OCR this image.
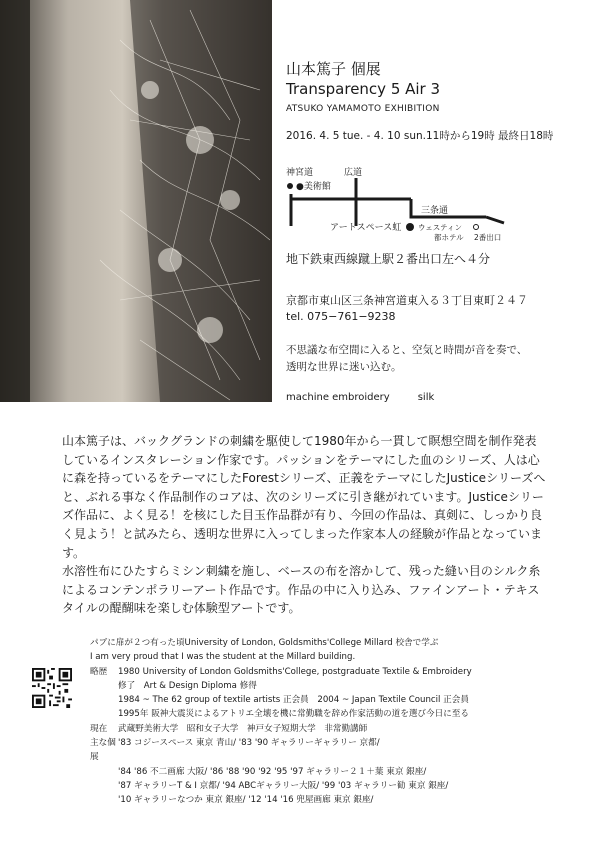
山本篤子 個展
Transparency 5 Air 3
ATSUKO YAMAMOTO EXHIBITION
2016. 4. 5 tue. - 4. 10 sun.11時から19時 最終日18時
神宮道	広道
●美術館
三条通
アートスペース虹 ウェスティン
都ホテル 2番出口
地下鉄東西線蹴上駅２番出口左へ４分
京都市東山区三条神宮道東入る３丁目東町２４７
tel. 075−761−9238
不思議な布空間に入ると、空気と時間が音を奏で、
透明な世界に迷い込む。
machine embroidery	silk

山本篤子は、バックグランドの刺繍を駆使して1980年から一貫して瞑想空間を制作発表しているインスタレーション作家です。パッションをテーマにした血のシリーズ、人は心に森を持っているをテーマにしたForestシリーズ、正義をテーマにしたJusticeシリーズへと、ぶれる事なく作品制作のコアは、次のシリーズに引き継がれています。Justiceシリーズ作品に、よく見る！を核にした目玉作品群が有り、今回の作品は、真剣に、しっかり良く見よう！と試みたら、透明な世界に入ってしまった作家本人の経験が作品となっています。

水溶性布にひたすらミシン刺繍を施し、ベースの布を溶かして、残った縫い目のシルク糸によるコンテンポラリーアート作品です。作品の中に入り込み、ファインアート・テキスタイルの醍醐味を楽しむ体験型アートです。

パブに扉が２つ有った頃University of London, Goldsmiths'College Millard 校舎で学ぶ
I am very proud that I was the student at the Millard building.
略歴	1980 University of London Goldsmiths'College, postgraduate Textile & Embroidery
修了　Art & Design Diploma 修得
1984 ~ The 62 group of textile artists 正会員　2004 ~ Japan Textile Council 正会員
1995年 阪神大震災によるアトリエ全壊を機に常勤職を辞め作家活動の道を選び今日に至る
現在	武蔵野美術大学　昭和女子大学　神戸女子短期大学　非常勤講師
主な個展
'83 コジースペース 東京 青山/ '83 '90 ギャラリーギャラリー 京都/
'84 '86 不二画廊 大阪/ '86 '88 '90 '92 '95 '97 ギャラリー２１＋葉 東京 銀座/
'87 ギャラリーT & I 京都/ '94 ABCギャラリー大阪/ '99 '03 ギャラリー勧 東京 銀座/
'10 ギャラリーなつか 東京 銀座/ '12 '14 '16 兜屋画廊 東京 銀座/
